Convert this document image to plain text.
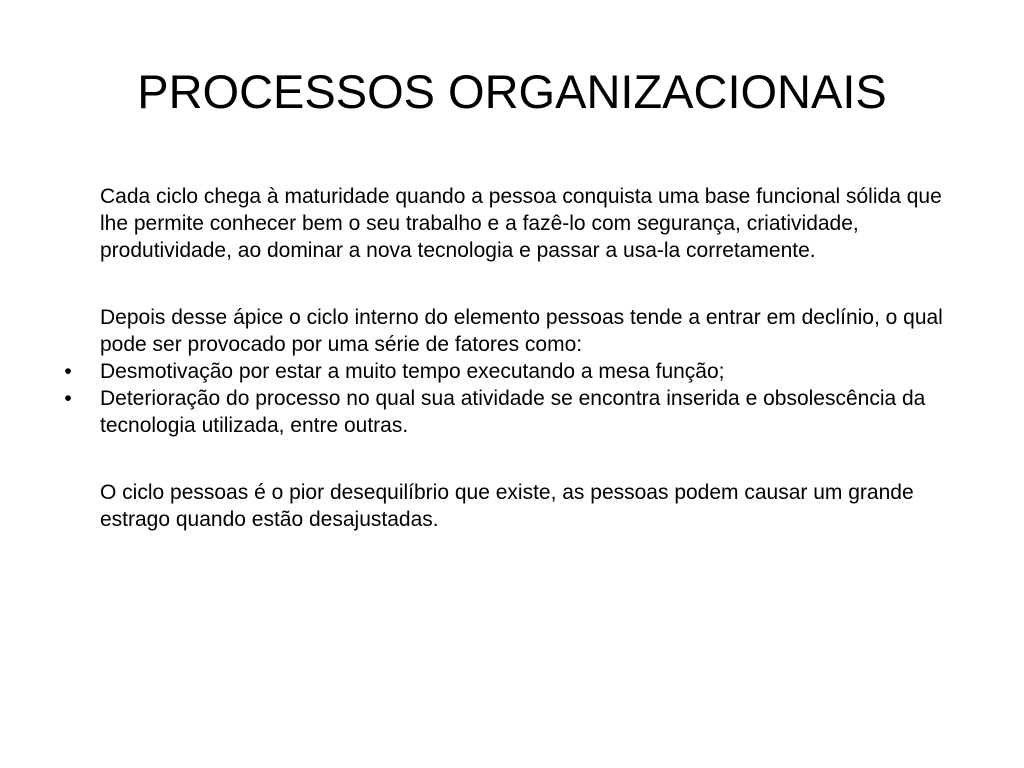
PROCESSOS ORGANIZACIONAIS

Cada ciclo chega à maturidade quando a pessoa conquista uma base funcional sólida que lhe permite conhecer bem o seu trabalho e a fazê-lo com segurança, criatividade, produtividade, ao dominar a nova tecnologia e passar a usa-la corretamente.

Depois desse ápice o ciclo interno do elemento pessoas tende a entrar em declínio, o qual pode ser provocado por uma série de fatores como:

•	Desmotivação por estar a muito tempo executando a mesa função;

•	Deterioração do processo no qual sua atividade se encontra inserida e obsolescência da tecnologia utilizada, entre outras.

O ciclo pessoas é o pior desequilíbrio que existe, as pessoas podem causar um grande estrago quando estão desajustadas.
